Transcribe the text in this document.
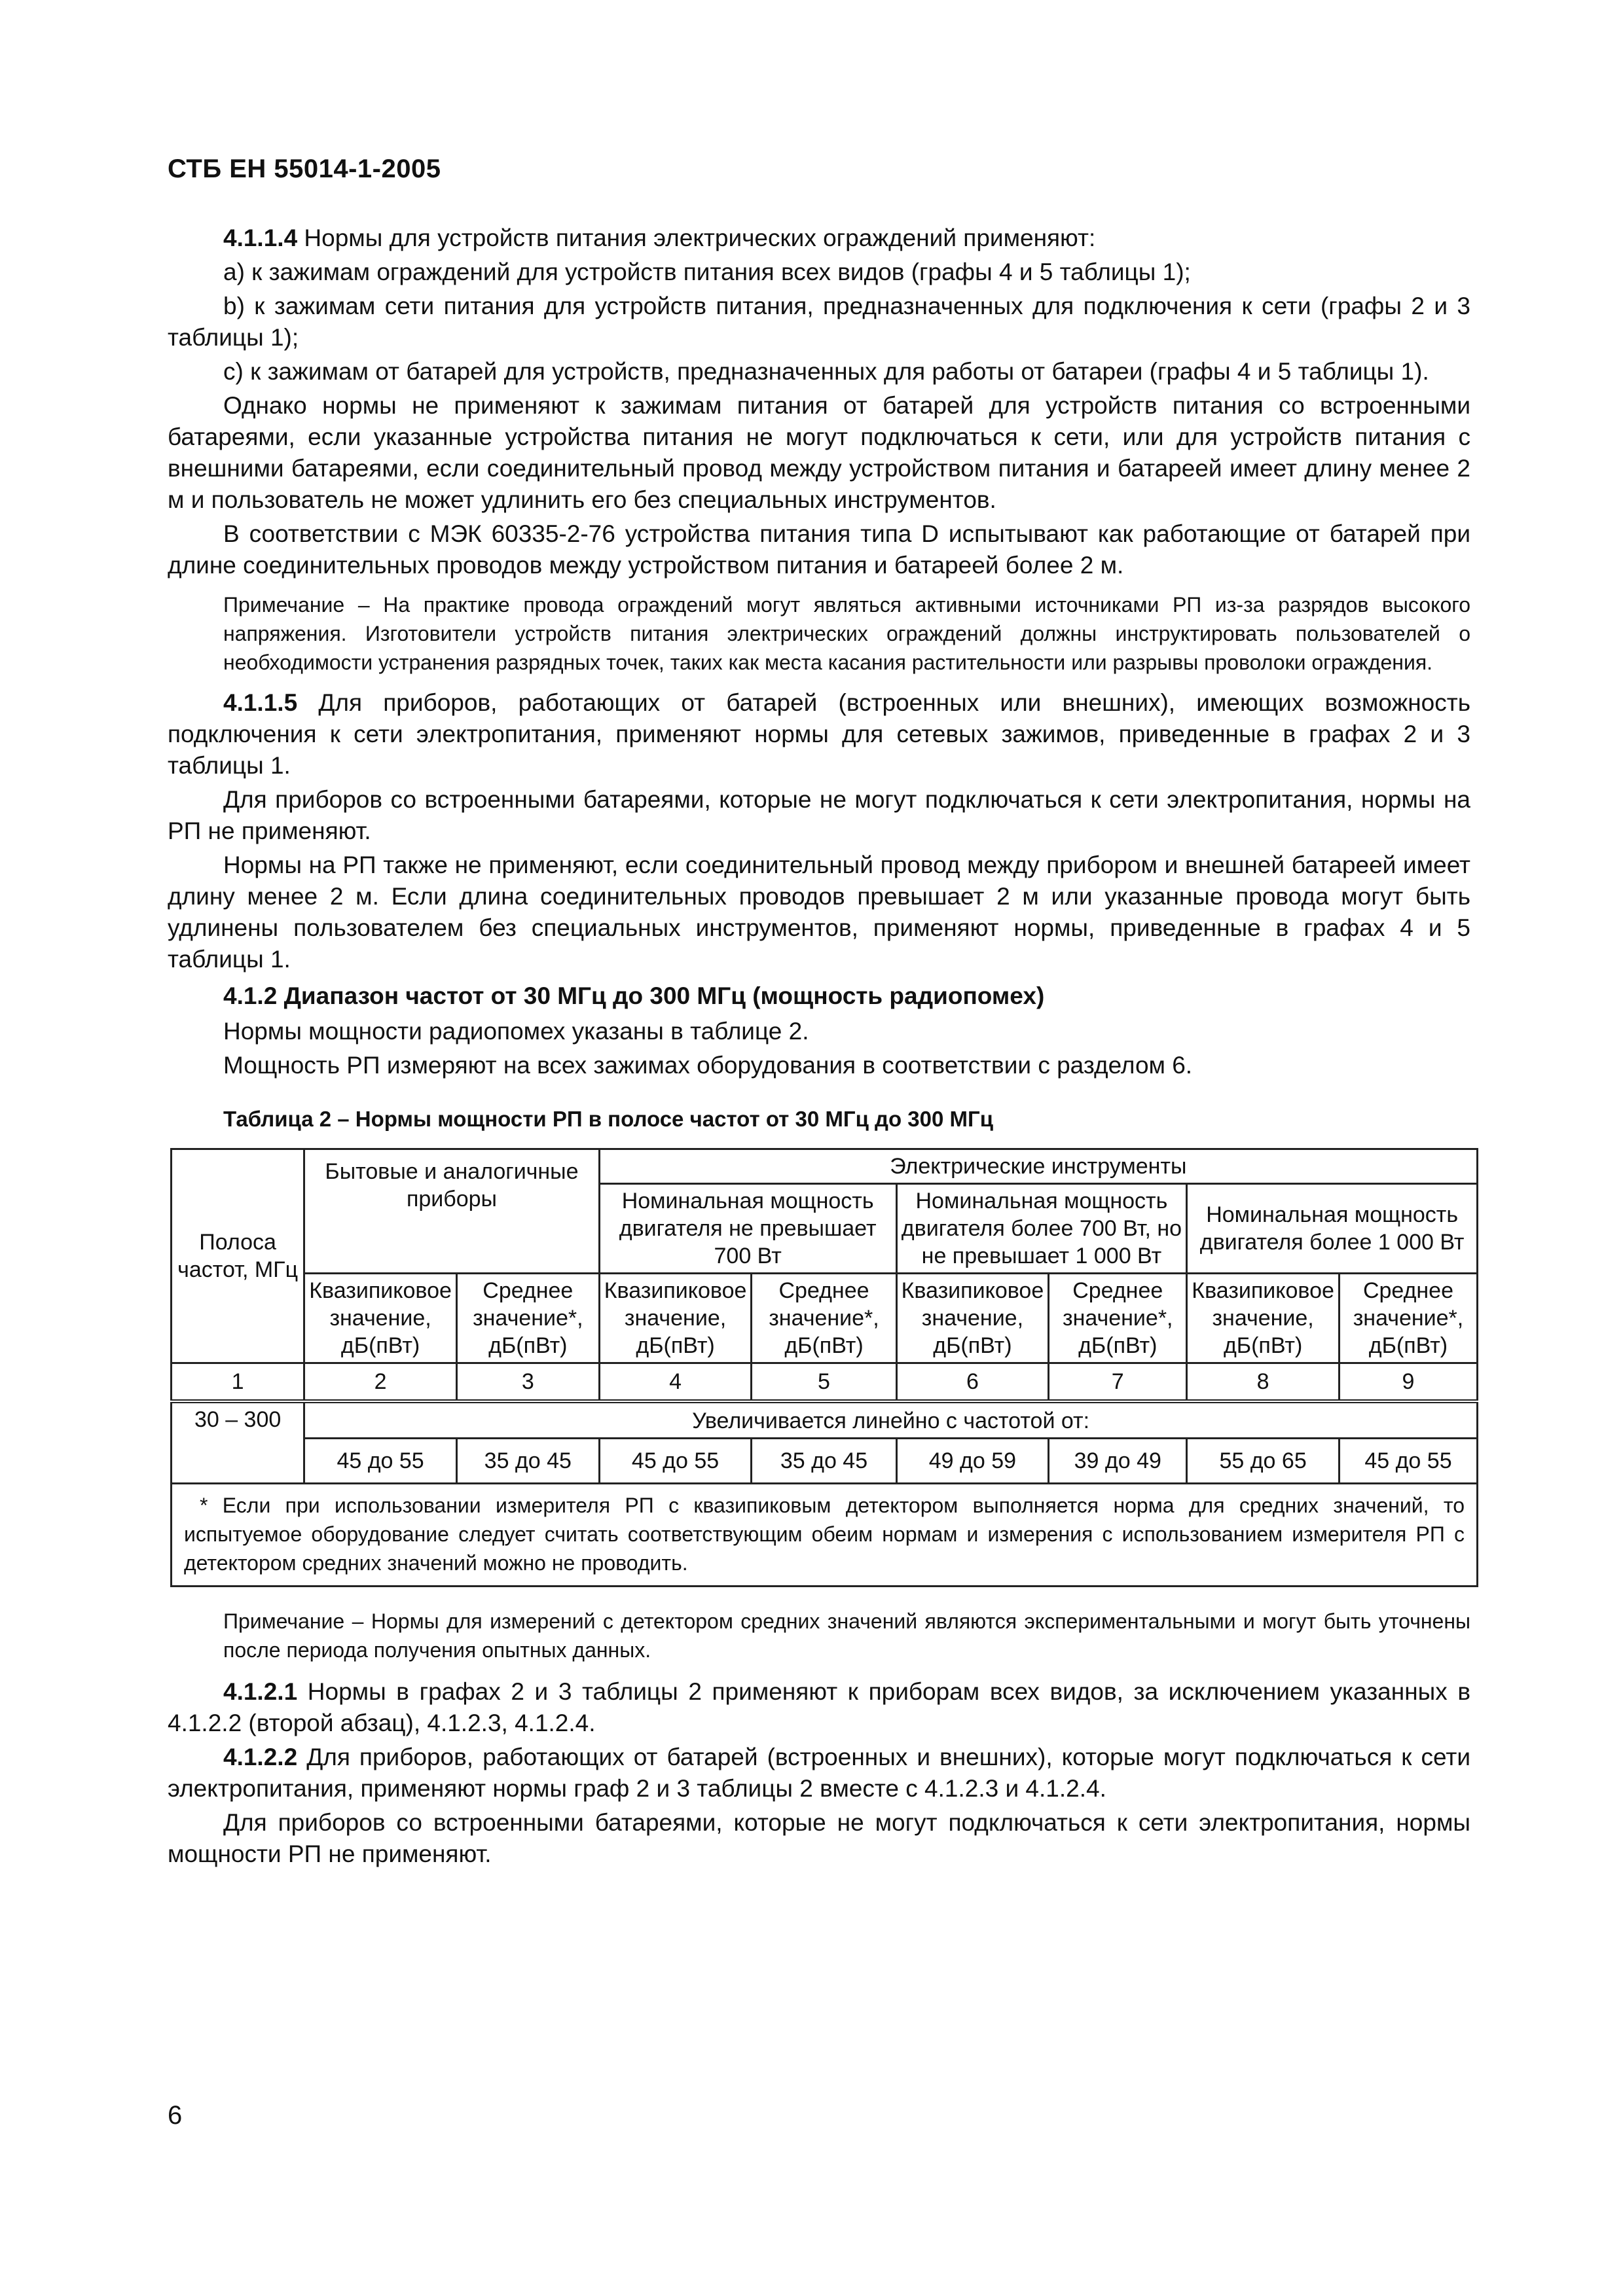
СТБ ЕН 55014-1-2005

4.1.1.4 Нормы для устройств питания электрических ограждений применяют:

а) к зажимам ограждений для устройств питания всех видов (графы 4 и 5 таблицы 1);

b) к зажимам сети питания для устройств питания, предназначенных для подключения к сети (графы 2 и 3 таблицы 1);

с) к зажимам от батарей для устройств, предназначенных для работы от батареи (графы 4 и 5 таблицы 1).

Однако нормы не применяют к зажимам питания от батарей для устройств питания со встроенными батареями, если указанные устройства питания не могут подключаться к сети, или для устройств питания с внешними батареями, если соединительный провод между устройством питания и батареей имеет длину менее 2 м и пользователь не может удлинить его без специальных инструментов.

В соответствии с МЭК 60335-2-76 устройства питания типа D испытывают как работающие от батарей при длине соединительных проводов между устройством питания и батареей более 2 м.

Примечание – На практике провода ограждений могут являться активными источниками РП из-за разрядов высокого напряжения. Изготовители устройств питания электрических ограждений должны инструктировать пользователей о необходимости устранения разрядных точек, таких как места касания растительности или разрывы проволоки ограждения.

4.1.1.5 Для приборов, работающих от батарей (встроенных или внешних), имеющих возможность подключения к сети электропитания, применяют нормы для сетевых зажимов, приведенные в графах 2 и 3 таблицы 1.

Для приборов со встроенными батареями, которые не могут подключаться к сети электропитания, нормы на РП не применяют.

Нормы на РП также не применяют, если соединительный провод между прибором и внешней батареей имеет длину менее 2 м. Если длина соединительных проводов превышает 2 м или указанные провода могут быть удлинены пользователем без специальных инструментов, применяют нормы, приведенные в графах 4 и 5 таблицы 1.

4.1.2 Диапазон частот от 30 МГц до 300 МГц (мощность радиопомех)

Нормы мощности радиопомех указаны в таблице 2.

Мощность РП измеряют на всех зажимах оборудования в соответствии с разделом 6.

Таблица 2 – Нормы мощности РП в полосе частот от 30 МГц до 300 МГц

Полоса частот, МГц	Бытовые и аналогичные приборы		Электрические инструменты					
			Номинальная мощность двигателя не превышает 700 Вт		Номинальная мощность двигателя более 700 Вт, но не превышает 1 000 Вт		Номинальная мощность двигателя более 1 000 Вт	
	Квазипиковое значение, дБ(пВт)	Среднее значение*, дБ(пВт)	Квазипиковое значение, дБ(пВт)	Среднее значение*, дБ(пВт)	Квазипиковое значение, дБ(пВт)	Среднее значение*, дБ(пВт)	Квазипиковое значение, дБ(пВт)	Среднее значение*, дБ(пВт)
1	2	3	4	5	6	7	8	9
30 – 300	Увеличивается линейно с частотой от:							
	45 до 55	35 до 45	45 до 55	35 до 45	49 до 59	39 до 49	55 до 65	45 до 55

* Если при использовании измерителя РП с квазипиковым детектором выполняется норма для средних значений, то испытуемое оборудование следует считать соответствующим обеим нормам и измерения с использованием измерителя РП с детектором средних значений можно не проводить.								

Примечание – Нормы для измерений с детектором средних значений являются экспериментальными и могут быть уточнены после периода получения опытных данных.

4.1.2.1 Нормы в графах 2 и 3 таблицы 2 применяют к приборам всех видов, за исключением указанных в 4.1.2.2 (второй абзац), 4.1.2.3, 4.1.2.4.

4.1.2.2 Для приборов, работающих от батарей (встроенных и внешних), которые могут подключаться к сети электропитания, применяют нормы граф 2 и 3 таблицы 2 вместе с 4.1.2.3 и 4.1.2.4.

Для приборов со встроенными батареями, которые не могут подключаться к сети электропитания, нормы мощности РП не применяют.

6
